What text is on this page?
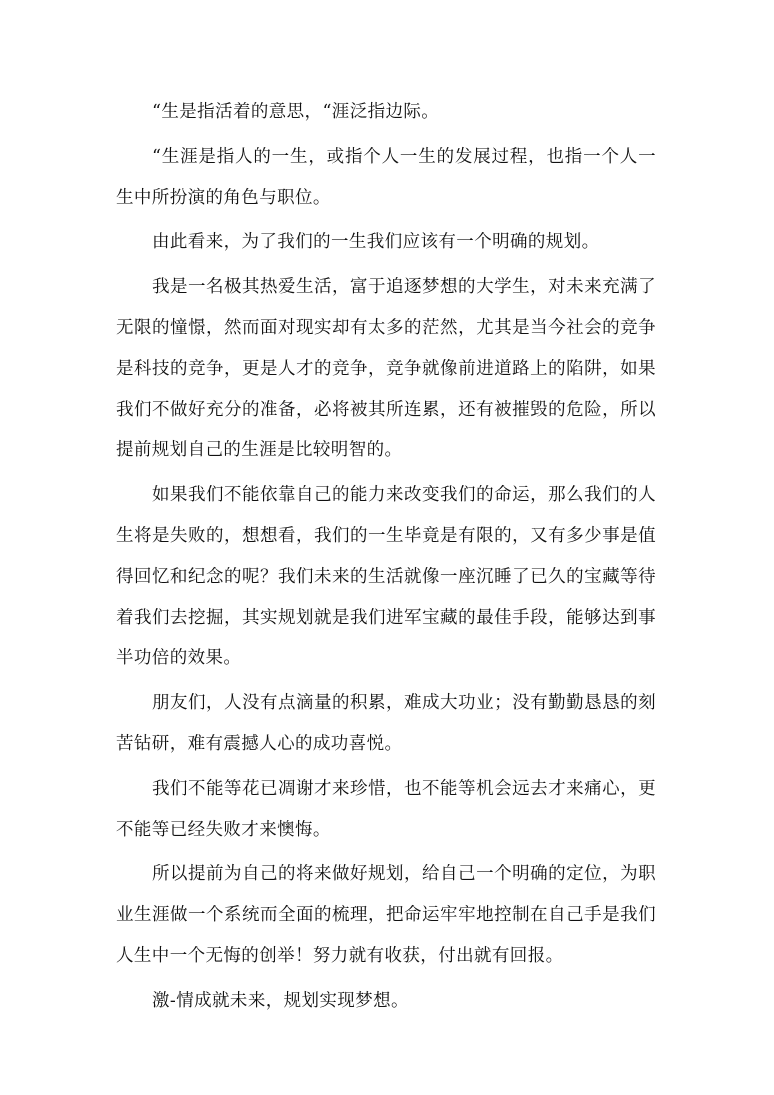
“生是指活着的意思，“涯泛指边际。

“生涯是指人的一生，或指个人一生的发展过程，也指一个人一生中所扮演的角色与职位。

由此看来，为了我们的一生我们应该有一个明确的规划。

我是一名极其热爱生活，富于追逐梦想的大学生，对未来充满了无限的憧憬，然而面对现实却有太多的茫然，尤其是当今社会的竞争是科技的竞争，更是人才的竞争，竞争就像前进道路上的陷阱，如果我们不做好充分的准备，必将被其所连累，还有被摧毁的危险，所以提前规划自己的生涯是比较明智的。

如果我们不能依靠自己的能力来改变我们的命运，那么我们的人生将是失败的，想想看，我们的一生毕竟是有限的，又有多少事是值得回忆和纪念的呢？我们未来的生活就像一座沉睡了已久的宝藏等待着我们去挖掘，其实规划就是我们进军宝藏的最佳手段，能够达到事半功倍的效果。

朋友们，人没有点滴量的积累，难成大功业；没有勤勤恳恳的刻苦钻研，难有震撼人心的成功喜悦。

我们不能等花已凋谢才来珍惜，也不能等机会远去才来痛心，更不能等已经失败才来懊悔。

所以提前为自己的将来做好规划，给自己一个明确的定位，为职业生涯做一个系统而全面的梳理，把命运牢牢地控制在自己手是我们人生中一个无悔的创举！努力就有收获，付出就有回报。

激-情成就未来，规划实现梦想。
